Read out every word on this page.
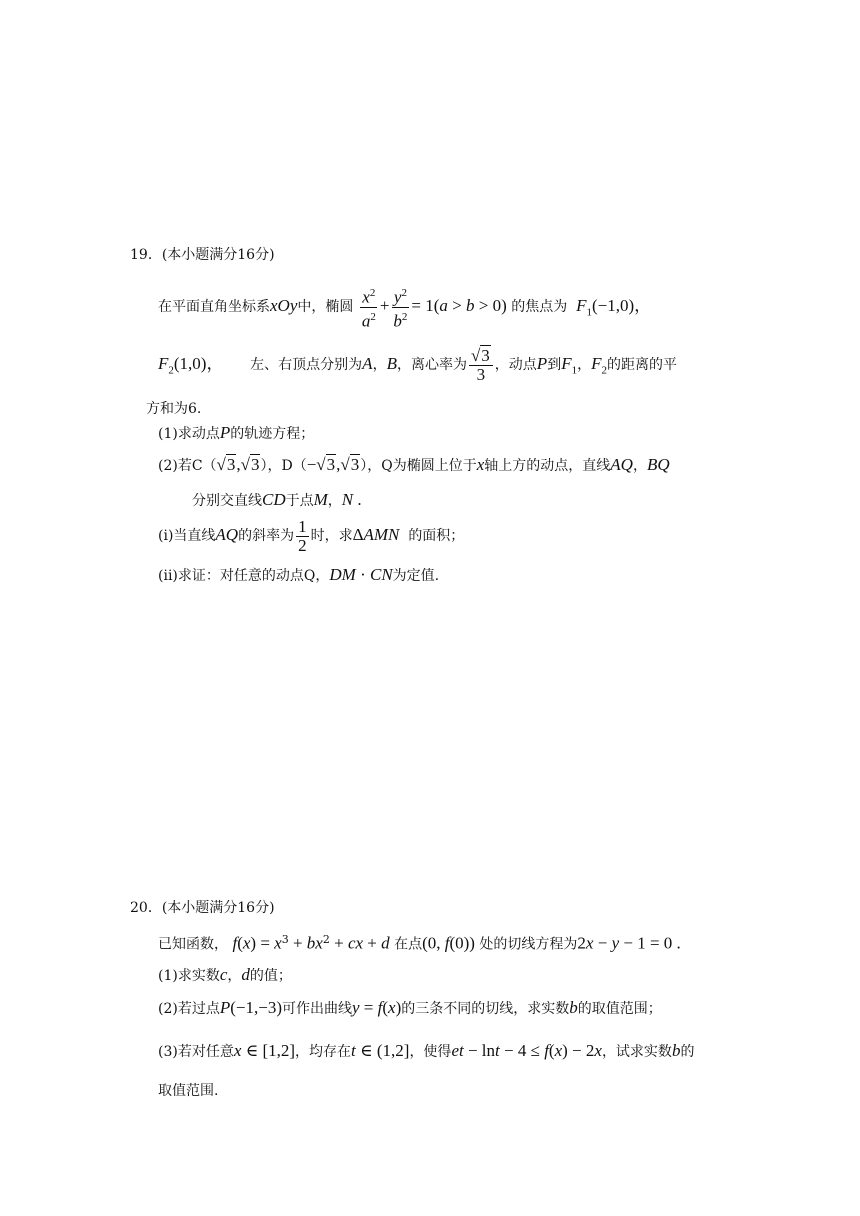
19．(本小题满分16分)
在平面直角坐标系xOy中，椭圆 $\frac{x^2}{a^2} + \frac{y^2}{b^2} = 1(a > b > 0)$ 的焦点为 $F_1(-1,0)$，
$F_2(1,0)$， 左、右顶点分别为A，B，离心率为 $\frac{√3}{3}$ ，动点P到$F_1$，$F_2$的距离的平
方和为6.
(1)求动点P的轨迹方程；
(2)若C（√3,√3），D（−√3,√3），Q为椭圆上位于x轴上方的动点，直线AQ，BQ
分别交直线CD于点M，N .
(i)当直线AQ的斜率为 $\frac{1}{2}$ 时，求ΔAMN 的面积；
(ii)求证：对任意的动点Q，DM · CN为定值.
20．(本小题满分16分)
已知函数， $f(x) = x^3 + bx^2$ + cx + d 在点(0, f(0)) 处的切线方程为2x − y − 1 = 0 .
(1)求实数c，d的值；
(2)若过点P(−1,−3)可作出曲线y = f(x)的三条不同的切线，求实数b的取值范围；
(3)若对任意x ∈ [1,2]，均存在t ∈ (1,2]，使得et − lnt − 4 ≤ f(x) − 2x，试求实数b的
取值范围.
